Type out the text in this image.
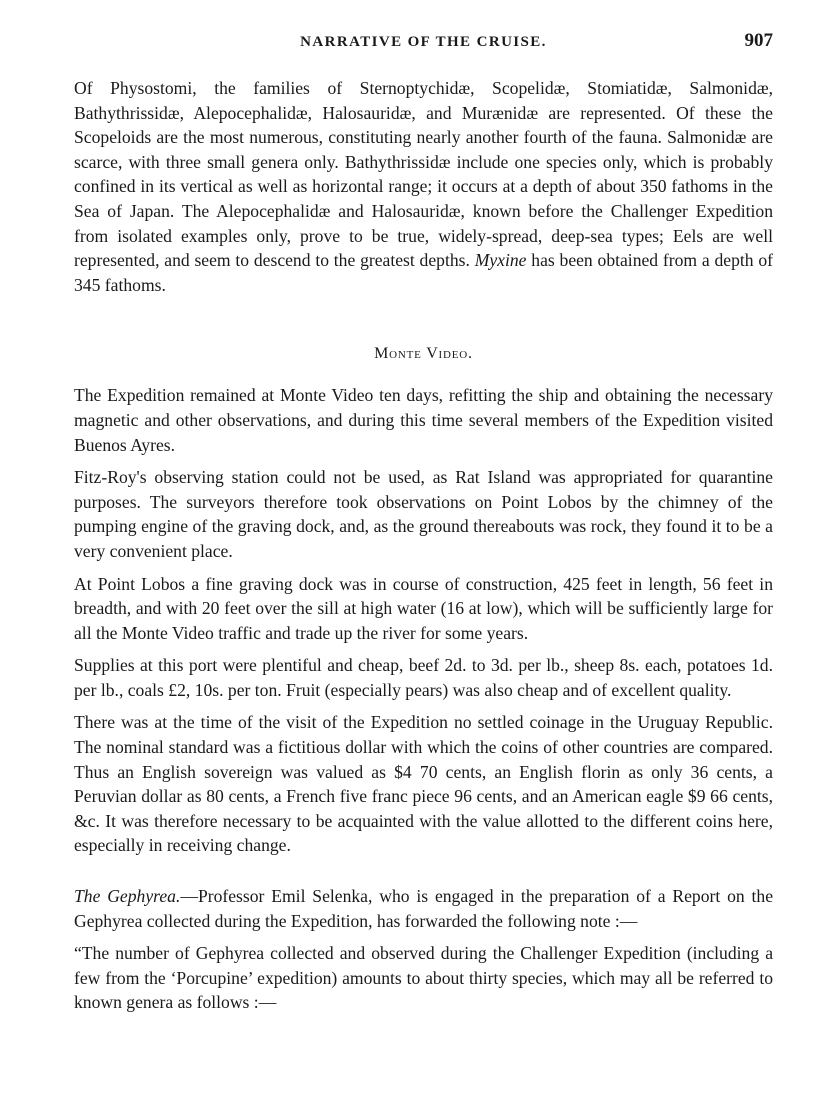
NARRATIVE OF THE CRUISE.	907

Of Physostomi, the families of Sternoptychidæ, Scopelidæ, Stomiatidæ, Salmonidæ, Bathythrissidæ, Alepocephalidæ, Halosauridæ, and Murænidæ are represented. Of these the Scopeloids are the most numerous, constituting nearly another fourth of the fauna. Salmonidæ are scarce, with three small genera only. Bathythrissidæ include one species only, which is probably confined in its vertical as well as horizontal range; it occurs at a depth of about 350 fathoms in the Sea of Japan. The Alepocephalidæ and Halosauridæ, known before the Challenger Expedition from isolated examples only, prove to be true, widely-spread, deep-sea types; Eels are well represented, and seem to descend to the greatest depths. Myxine has been obtained from a depth of 345 fathoms.

Monte Video.

The Expedition remained at Monte Video ten days, refitting the ship and obtaining the necessary magnetic and other observations, and during this time several members of the Expedition visited Buenos Ayres.

Fitz-Roy's observing station could not be used, as Rat Island was appropriated for quarantine purposes. The surveyors therefore took observations on Point Lobos by the chimney of the pumping engine of the graving dock, and, as the ground thereabouts was rock, they found it to be a very convenient place.

At Point Lobos a fine graving dock was in course of construction, 425 feet in length, 56 feet in breadth, and with 20 feet over the sill at high water (16 at low), which will be sufficiently large for all the Monte Video traffic and trade up the river for some years.

Supplies at this port were plentiful and cheap, beef 2d. to 3d. per lb., sheep 8s. each, potatoes 1d. per lb., coals £2, 10s. per ton. Fruit (especially pears) was also cheap and of excellent quality.

There was at the time of the visit of the Expedition no settled coinage in the Uruguay Republic. The nominal standard was a fictitious dollar with which the coins of other countries are compared. Thus an English sovereign was valued as $4 70 cents, an English florin as only 36 cents, a Peruvian dollar as 80 cents, a French five franc piece 96 cents, and an American eagle $9 66 cents, &c. It was therefore necessary to be acquainted with the value allotted to the different coins here, especially in receiving change.

The Gephyrea.—Professor Emil Selenka, who is engaged in the preparation of a Report on the Gephyrea collected during the Expedition, has forwarded the following note :—

“The number of Gephyrea collected and observed during the Challenger Expedition (including a few from the ‘Porcupine’ expedition) amounts to about thirty species, which may all be referred to known genera as follows :—
